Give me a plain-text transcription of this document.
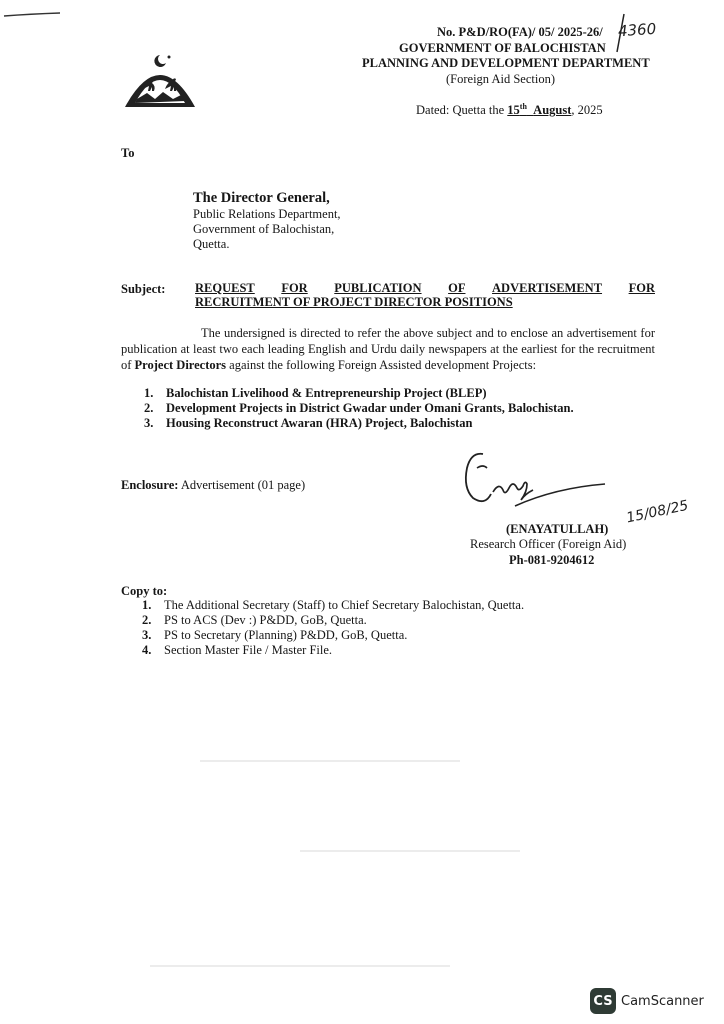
No. P&D/RO(FA)/ 05/ 2025-26/ 4360
GOVERNMENT OF BALOCHISTAN
PLANNING AND DEVELOPMENT DEPARTMENT
(Foreign Aid Section)
Dated: Quetta the 15th August, 2025
To
The Director General,
Public Relations Department,
Government of Balochistan,
Quetta.
Subject: REQUEST FOR PUBLICATION OF ADVERTISEMENT FOR
RECRUITMENT OF PROJECT DIRECTOR POSITIONS
The undersigned is directed to refer the above subject and to enclose an advertisement for publication at least two each leading English and Urdu daily newspapers at the earliest for the recruitment of Project Directors against the following Foreign Assisted development Projects:
1. Balochistan Livelihood & Entrepreneurship Project (BLEP)
2. Development Projects in District Gwadar under Omani Grants, Balochistan.
3. Housing Reconstruct Awaran (HRA) Project, Balochistan
Enclosure: Advertisement (01 page)
15/08/25
(ENAYATULLAH)
Research Officer (Foreign Aid)
Ph-081-9204612
Copy to:
1. The Additional Secretary (Staff) to Chief Secretary Balochistan, Quetta.
2. PS to ACS (Dev :) P&DD, GoB, Quetta.
3. PS to Secretary (Planning) P&DD, GoB, Quetta.
4. Section Master File / Master File.
CS CamScanner
